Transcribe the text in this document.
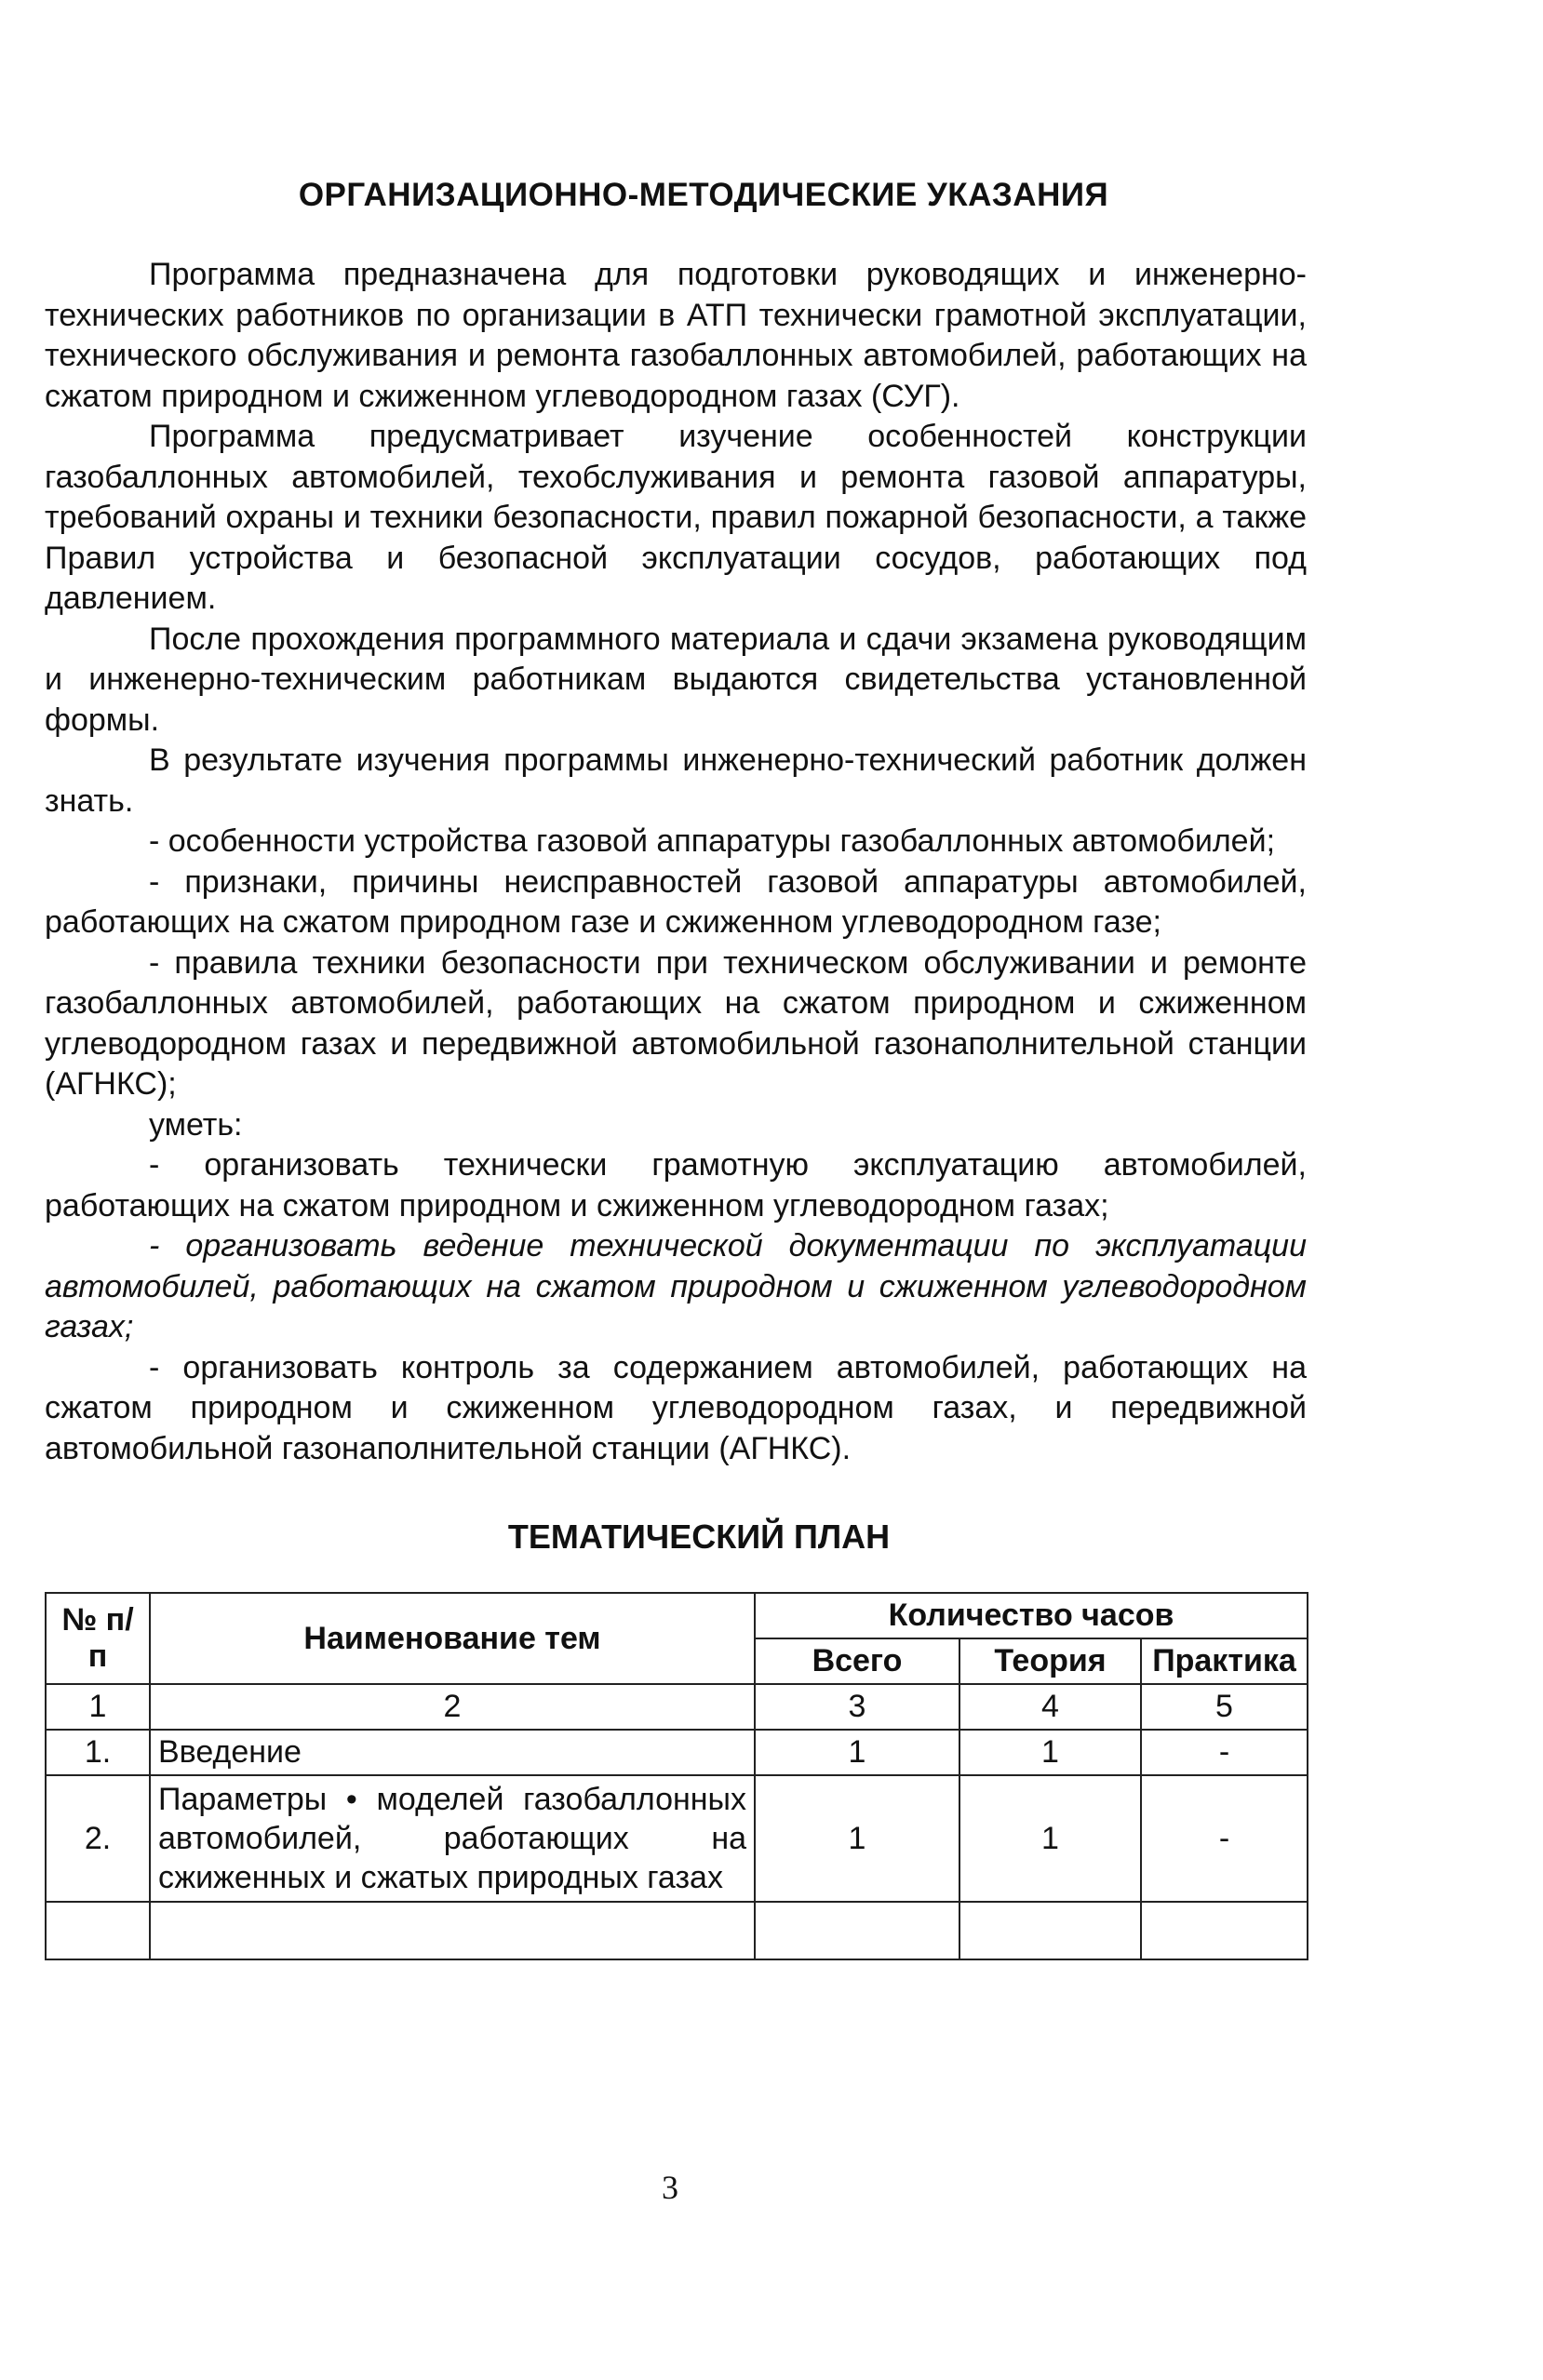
ОРГАНИЗАЦИОННО-МЕТОДИЧЕСКИЕ УКАЗАНИЯ

Программа предназначена для подготовки руководящих и инженерно-технических работников по организации в АТП технически грамотной эксплуатации, технического обслуживания и ремонта газобаллонных автомобилей, работающих на сжатом природном и сжиженном углеводородном газах (СУГ).

Программа предусматривает изучение особенностей конструкции газобаллонных автомобилей, техобслуживания и ремонта газовой аппаратуры, требований охраны и техники безопасности, правил пожарной безопасности, а также Правил устройства и безопасной эксплуатации сосудов, работающих под давлением.

После прохождения программного материала и сдачи экзамена руководящим и инженерно-техническим работникам выдаются свидетельства установленной формы.

В результате изучения программы инженерно-технический работник должен знать.

- особенности устройства газовой аппаратуры газобаллонных автомобилей;

- признаки, причины неисправностей газовой аппаратуры автомобилей, работающих на сжатом природном газе и сжиженном углеводородном газе;

- правила техники безопасности при техническом обслуживании и ремонте газобаллонных автомобилей, работающих на сжатом природном и сжиженном углеводородном газах и передвижной автомобильной газонаполнительной станции (АГНКС);

уметь:

- организовать технически грамотную эксплуатацию автомобилей, работающих на сжатом природном и сжиженном углеводородном газах;

- организовать ведение технической документации по эксплуатации автомобилей, работающих на сжатом природном и сжиженном углеводородном газах;

- организовать контроль за содержанием автомобилей, работающих на сжатом природном и сжиженном углеводородном газах, и передвижной автомобильной газонаполнительной станции (АГНКС).

ТЕМАТИЧЕСКИЙ ПЛАН
№ п/п	Наименование тем	Количество часов		
		Всего	Теория	Практика
1	2	3	4	5
1.	Введение	1	1	-
2.	Параметры • моделей газобаллонных автомобилей, работающих на сжиженных и сжатых природных газах	1	1	-

3
